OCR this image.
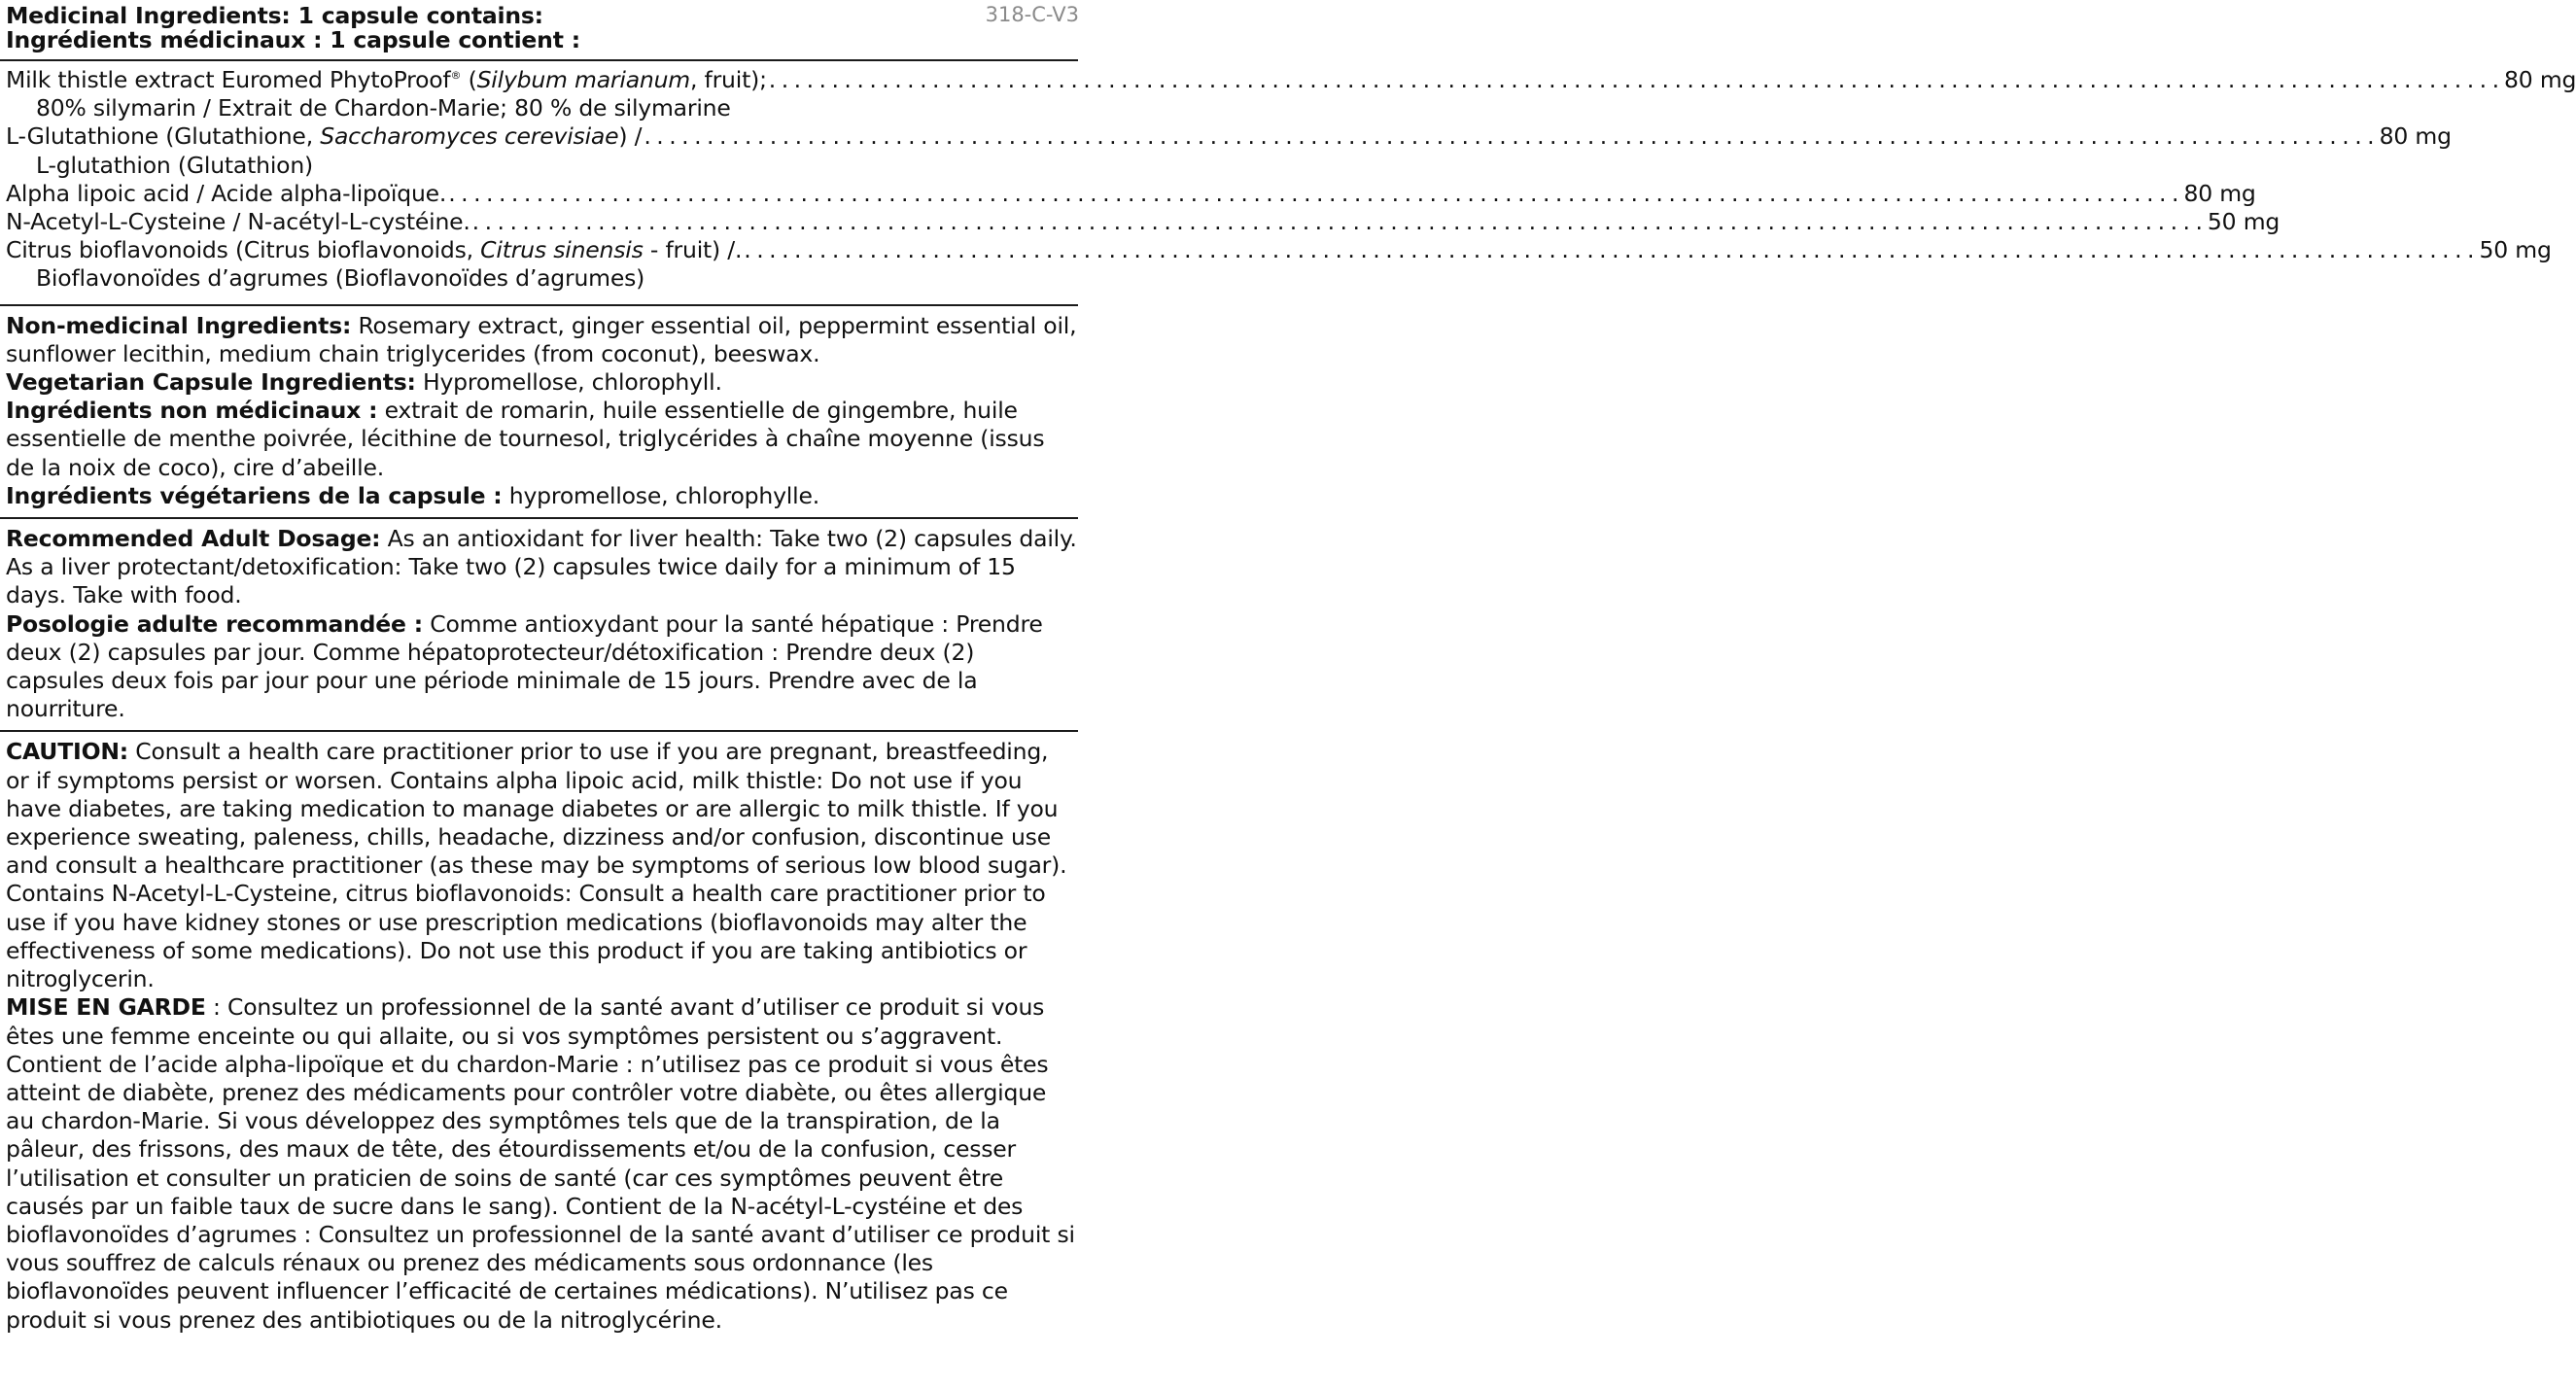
318-C-V3
Medicinal Ingredients: 1 capsule contains:
Ingrédients médicinaux : 1 capsule contient :
Milk thistle extract Euromed PhytoProof® (Silybum marianum, fruit); . . .	80 mg
80% silymarin / Extrait de Chardon-Marie; 80 % de silymarine
L-Glutathione (Glutathione, Saccharomyces cerevisiae) / . . .	80 mg
L-glutathion (Glutathion)
Alpha lipoic acid / Acide alpha-lipoïque. . . .	80 mg
N-Acetyl-L-Cysteine / N-acétyl-L-cystéine. . . .	50 mg
Citrus bioflavonoids (Citrus bioflavonoids, Citrus sinensis - fruit) /. . . .	50 mg
Bioflavonoïdes d’agrumes (Bioflavonoïdes d’agrumes)

Non-medicinal Ingredients: Rosemary extract, ginger essential oil, peppermint essential oil, sunflower lecithin, medium chain triglycerides (from coconut), beeswax.

Vegetarian Capsule Ingredients: Hypromellose, chlorophyll.

Ingrédients non médicinaux : extrait de romarin, huile essentielle de gingembre, huile essentielle de menthe poivrée, lécithine de tournesol, triglycérides à chaîne moyenne (issus de la noix de coco), cire d’abeille.

Ingrédients végétariens de la capsule : hypromellose, chlorophylle.

Recommended Adult Dosage: As an antioxidant for liver health: Take two (2) capsules daily. As a liver protectant/detoxification: Take two (2) capsules twice daily for a minimum of 15 days. Take with food.

Posologie adulte recommandée : Comme antioxydant pour la santé hépatique : Prendre deux (2) capsules par jour. Comme hépatoprotecteur/détoxification : Prendre deux (2) capsules deux fois par jour pour une période minimale de 15 jours. Prendre avec de la nourriture.

CAUTION: Consult a health care practitioner prior to use if you are pregnant, breastfeeding, or if symptoms persist or worsen. Contains alpha lipoic acid, milk thistle: Do not use if you have diabetes, are taking medication to manage diabetes or are allergic to milk thistle. If you experience sweating, paleness, chills, headache, dizziness and/or confusion, discontinue use and consult a healthcare practitioner (as these may be symptoms of serious low blood sugar). Contains N-Acetyl-L-Cysteine, citrus bioflavonoids: Consult a health care practitioner prior to use if you have kidney stones or use prescription medications (bioflavonoids may alter the effectiveness of some medications). Do not use this product if you are taking antibiotics or nitroglycerin.

MISE EN GARDE : Consultez un professionnel de la santé avant d’utiliser ce produit si vous êtes une femme enceinte ou qui allaite, ou si vos symptômes persistent ou s’aggravent. Contient de l’acide alpha-lipoïque et du chardon-Marie : n’utilisez pas ce produit si vous êtes atteint de diabète, prenez des médicaments pour contrôler votre diabète, ou êtes allergique au chardon-Marie. Si vous développez des symptômes tels que de la transpiration, de la pâleur, des frissons, des maux de tête, des étourdissements et/ou de la confusion, cesser l’utilisation et consulter un praticien de soins de santé (car ces symptômes peuvent être causés par un faible taux de sucre dans le sang). Contient de la N-acétyl-L-cystéine et des bioflavonoïdes d’agrumes : Consultez un professionnel de la santé avant d’utiliser ce produit si vous souffrez de calculs rénaux ou prenez des médicaments sous ordonnance (les bioflavonoïdes peuvent influencer l’efficacité de certaines médications). N’utilisez pas ce produit si vous prenez des antibiotiques ou de la nitroglycérine.
